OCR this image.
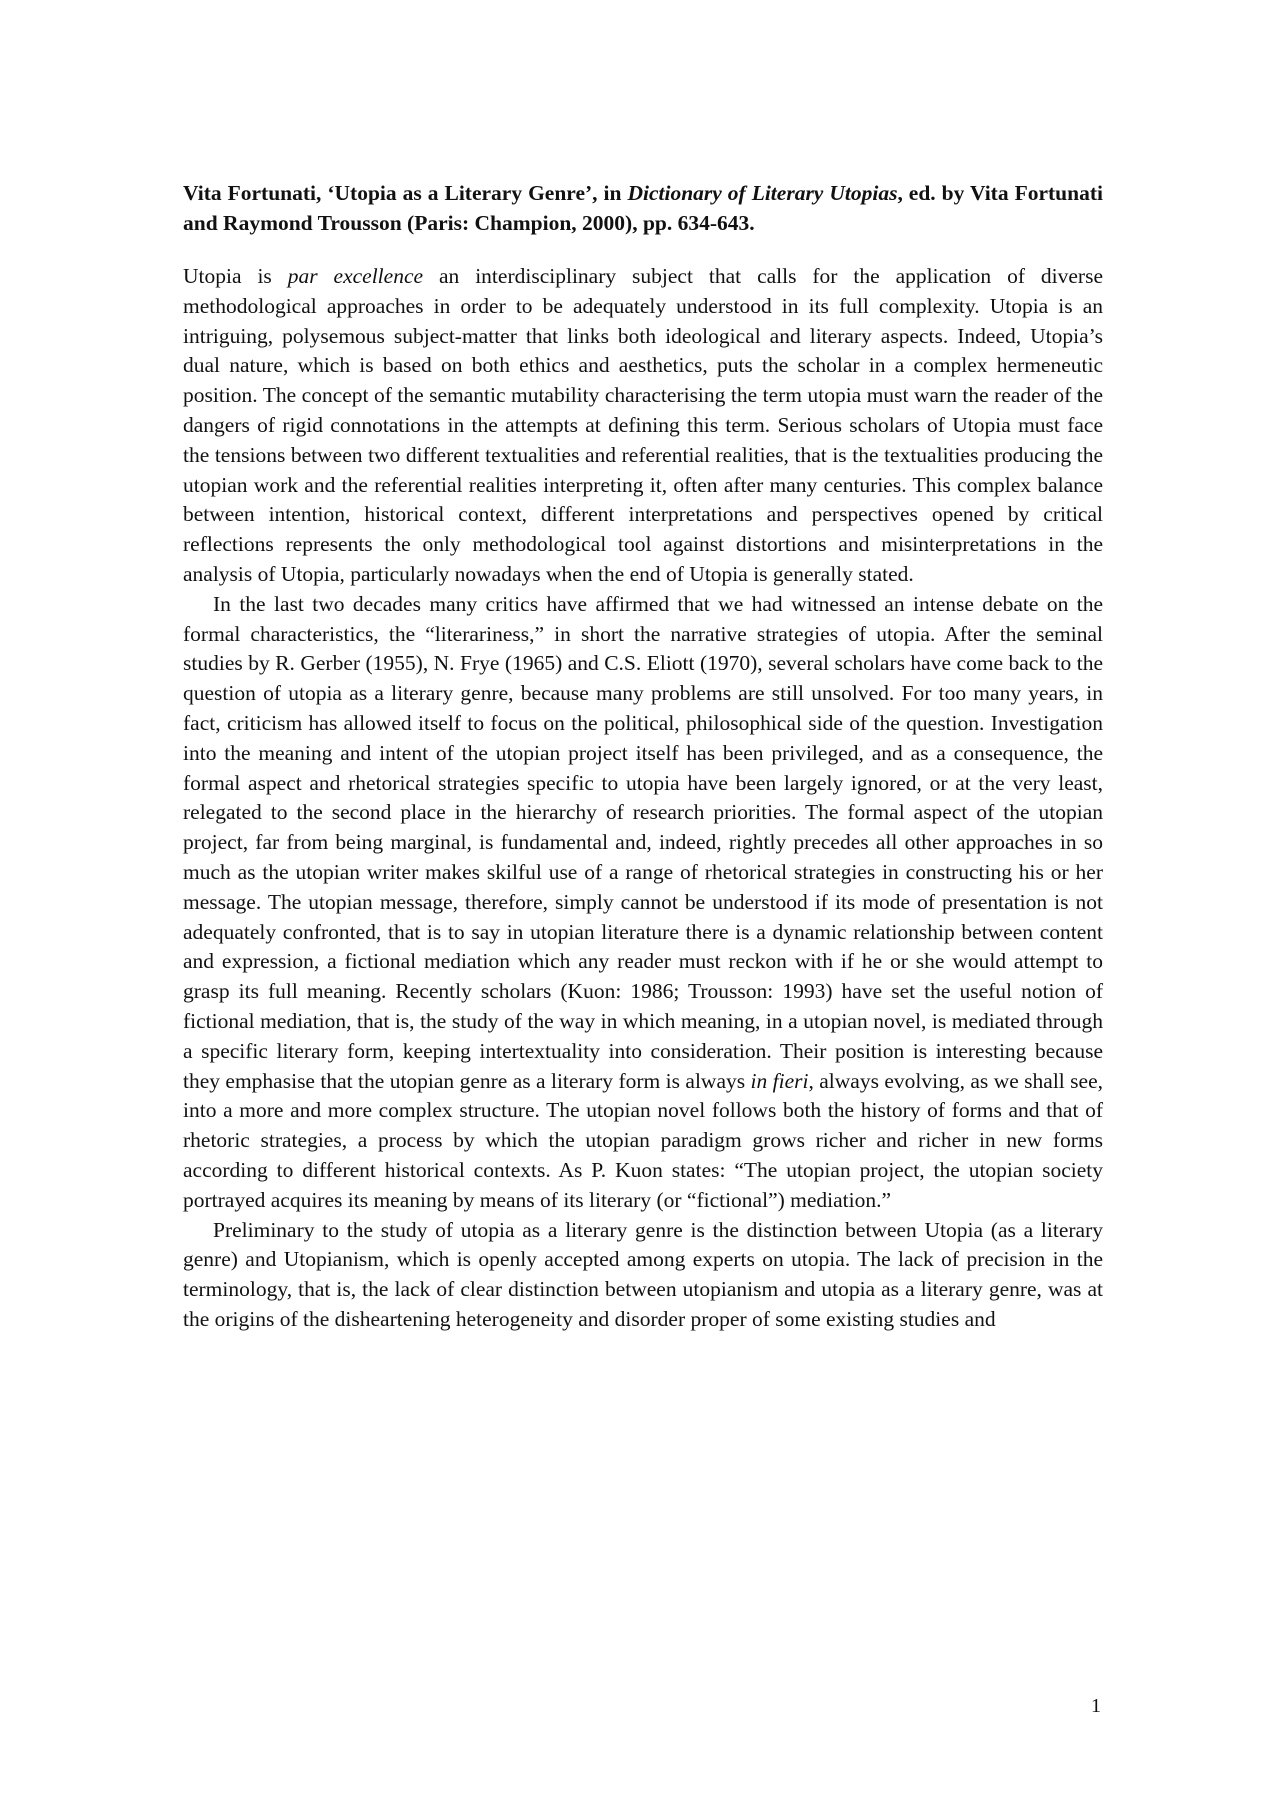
Vita Fortunati, ‘Utopia as a Literary Genre’, in Dictionary of Literary Utopias, ed. by Vita Fortunati and Raymond Trousson (Paris: Champion, 2000), pp. 634-643.

Utopia is par excellence an interdisciplinary subject that calls for the application of diverse methodological approaches in order to be adequately understood in its full complexity. Utopia is an intriguing, polysemous subject-matter that links both ideological and literary aspects. Indeed, Utopia’s dual nature, which is based on both ethics and aesthetics, puts the scholar in a complex hermeneutic position. The concept of the semantic mutability characterising the term utopia must warn the reader of the dangers of rigid connotations in the attempts at defining this term. Serious scholars of Utopia must face the tensions between two different textualities and referential realities, that is the textualities producing the utopian work and the referential realities interpreting it, often after many centuries. This complex balance between intention, historical context, different interpretations and perspectives opened by critical reflections represents the only methodological tool against distortions and misinterpretations in the analysis of Utopia, particularly nowadays when the end of Utopia is generally stated.

In the last two decades many critics have affirmed that we had witnessed an intense debate on the formal characteristics, the “literariness,” in short the narrative strategies of utopia. After the seminal studies by R. Gerber (1955), N. Frye (1965) and C.S. Eliott (1970), several scholars have come back to the question of utopia as a literary genre, because many problems are still unsolved. For too many years, in fact, criticism has allowed itself to focus on the political, philosophical side of the question. Investigation into the meaning and intent of the utopian project itself has been privileged, and as a consequence, the formal aspect and rhetorical strategies specific to utopia have been largely ignored, or at the very least, relegated to the second place in the hierarchy of research priorities. The formal aspect of the utopian project, far from being marginal, is fundamental and, indeed, rightly precedes all other approaches in so much as the utopian writer makes skilful use of a range of rhetorical strategies in constructing his or her message. The utopian message, therefore, simply cannot be understood if its mode of presentation is not adequately confronted, that is to say in utopian literature there is a dynamic relationship between content and expression, a fictional mediation which any reader must reckon with if he or she would attempt to grasp its full meaning. Recently scholars (Kuon: 1986; Trousson: 1993) have set the useful notion of fictional mediation, that is, the study of the way in which meaning, in a utopian novel, is mediated through a specific literary form, keeping intertextuality into consideration. Their position is interesting because they emphasise that the utopian genre as a literary form is always in fieri, always evolving, as we shall see, into a more and more complex structure. The utopian novel follows both the history of forms and that of rhetoric strategies, a process by which the utopian paradigm grows richer and richer in new forms according to different historical contexts. As P. Kuon states: “The utopian project, the utopian society portrayed acquires its meaning by means of its literary (or “fictional”) mediation.”

Preliminary to the study of utopia as a literary genre is the distinction between Utopia (as a literary genre) and Utopianism, which is openly accepted among experts on utopia. The lack of precision in the terminology, that is, the lack of clear distinction between utopianism and utopia as a literary genre, was at the origins of the disheartening heterogeneity and disorder proper of some existing studies and

1
